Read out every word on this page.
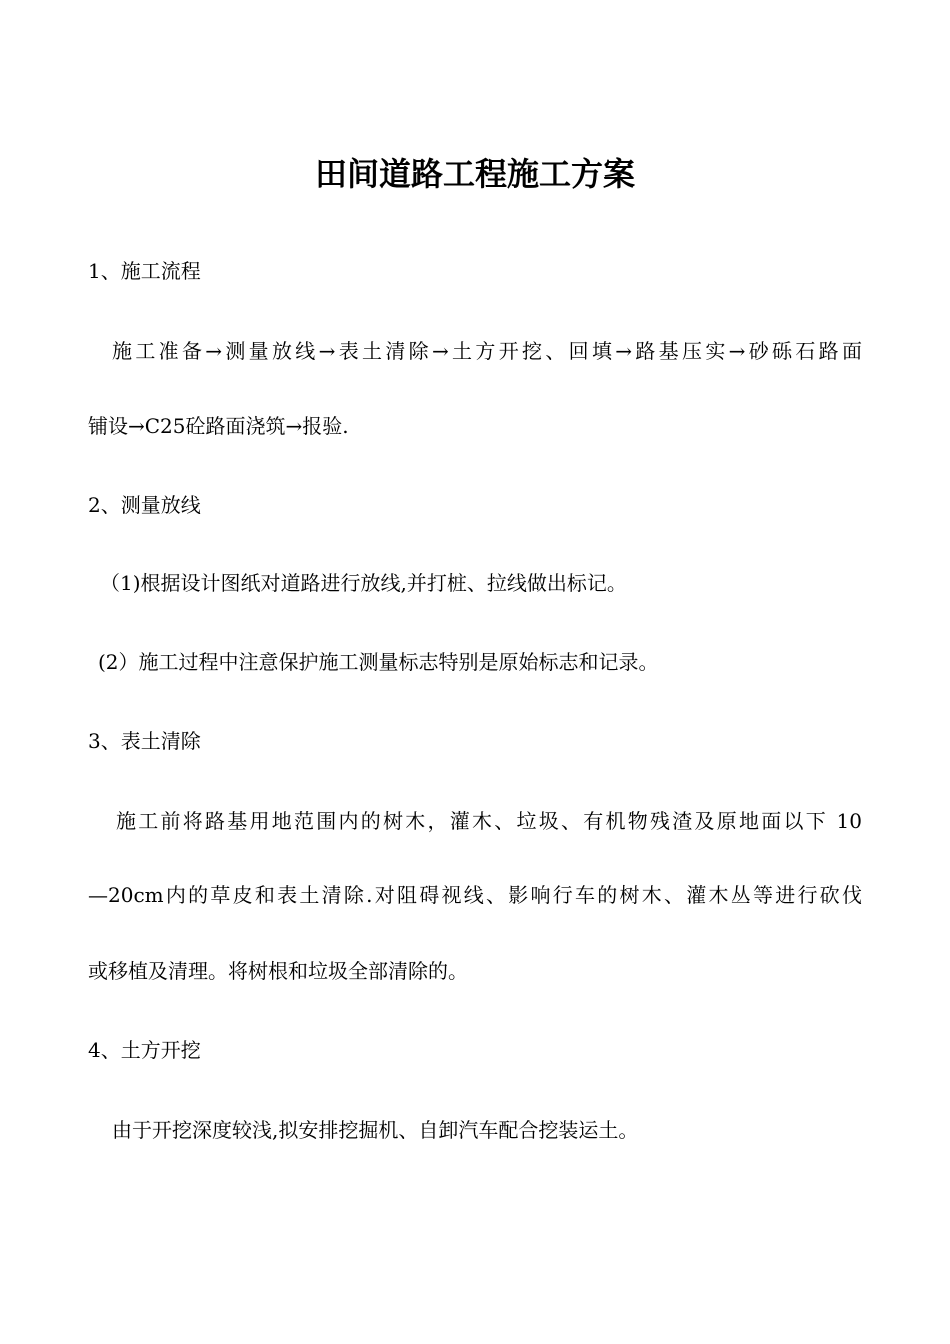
田间道路工程施工方案
1、施工流程
施工准备→测量放线→表土清除→土方开挖、回填→路基压实→砂砾石路面
铺设→C25砼路面浇筑→报验.
2、测量放线
（1)根据设计图纸对道路进行放线,并打桩、拉线做出标记。
(2）施工过程中注意保护施工测量标志特别是原始标志和记录。
3、表土清除
施工前将路基用地范围内的树木，灌木、垃圾、有机物残渣及原地面以下 10
—20cm内的草皮和表土清除.对阻碍视线、影响行车的树木、灌木丛等进行砍伐
或移植及清理。将树根和垃圾全部清除的。
4、土方开挖
由于开挖深度较浅,拟安排挖掘机、自卸汽车配合挖装运土。
